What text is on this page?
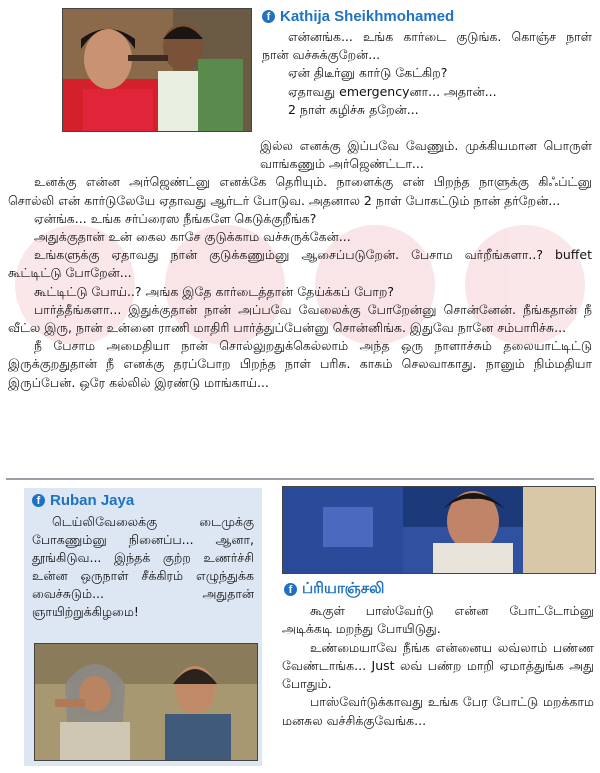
f Kathija Sheikhmohamed

என்னங்க... உங்க கார்டை குடுங்க. கொஞ்ச நாள் நான் வச்சுக்குறேன்...

ஏன் திடீர்னு கார்டு கேட்கிற?

ஏதாவது emergencyனா... அதான்...

2 நாள் கழிச்சு தறேன்...

இல்ல எனக்கு இப்பவே வேணும். முக்கியமான பொருள் வாங்கணும் அர்ஜெண்ட்டா...

உனக்கு என்ன அர்ஜெண்ட்னு எனக்கே தெரியும். நாளைக்கு என் பிறந்த நாளுக்கு கிஃப்ட்னு சொல்லி என் கார்டுலேயே ஏதாவது ஆர்டர் போடுவ. அதனால 2 நாள் போகட்டும் நான் தர்றேன்...

ஏன்ங்க... உங்க சர்ப்ரைஸ நீங்களே கெடுக்குறீங்க?

அதுக்குதான் உன் கைல காசே குடுக்காம வச்சுருக்கேன்...

உங்களுக்கு ஏதாவது நான் குடுக்கணும்னு ஆசைப்படுறேன். பேசாம வர்றீங்களா..? buffet கூட்டிட்டு போறேன்...

கூட்டிட்டு போய்..? அங்க இதே கார்டைத்தான் தேய்க்கப் போற?

பார்த்தீங்களா... இதுக்குதான் நான் அப்பவே வேலைக்கு போறேன்னு சொன்னேன். நீங்கதான் நீ வீட்ல இரு, நான் உன்னை ராணி மாதிரி பார்த்துப்பேன்னு சொன்னிங்க. இதுவே நானே சம்பாரிச்சு...

நீ பேசாம அமைதியா நான் சொல்லுறதுக்கெல்லாம் அந்த ஒரு நாளாச்சும் தலையாட்டிட்டு இருக்குறதுதான் நீ எனக்கு தரப்போற பிறந்த நாள் பரிசு. காசும் செலவாகாது. நானும் நிம்மதியா இருப்பேன். ஒரே கல்லில் இரண்டு மாங்காய்...

f Ruban Jaya

டெய்லிவேலைக்கு டைமுக்கு போகணும்னு நினைப்ப... ஆனா, தூங்கிடுவ... இந்தக் குற்ற உணர்ச்சி உன்ன ஒருநாள் சீக்கிரம் எழுந்துக்க வைச்சுடும்... அதுதான் ஞாயிற்றுக்கிழமை!

f ப்ரியாஞ்சலி

கூகுள் பாஸ்வேர்டு என்ன போட்டோம்னு அடிக்கடி மறந்து போயிடுது.

உண்மையாவே நீங்க என்னைய லவ்லாம் பண்ண வேண்டாங்க... Just லவ் பண்ற மாறி ஏமாத்துங்க அது போதும்.

பாஸ்வேர்டுக்காவது உங்க பேர போட்டு மறக்காம மனசுல வச்சிக்குவேங்க...
